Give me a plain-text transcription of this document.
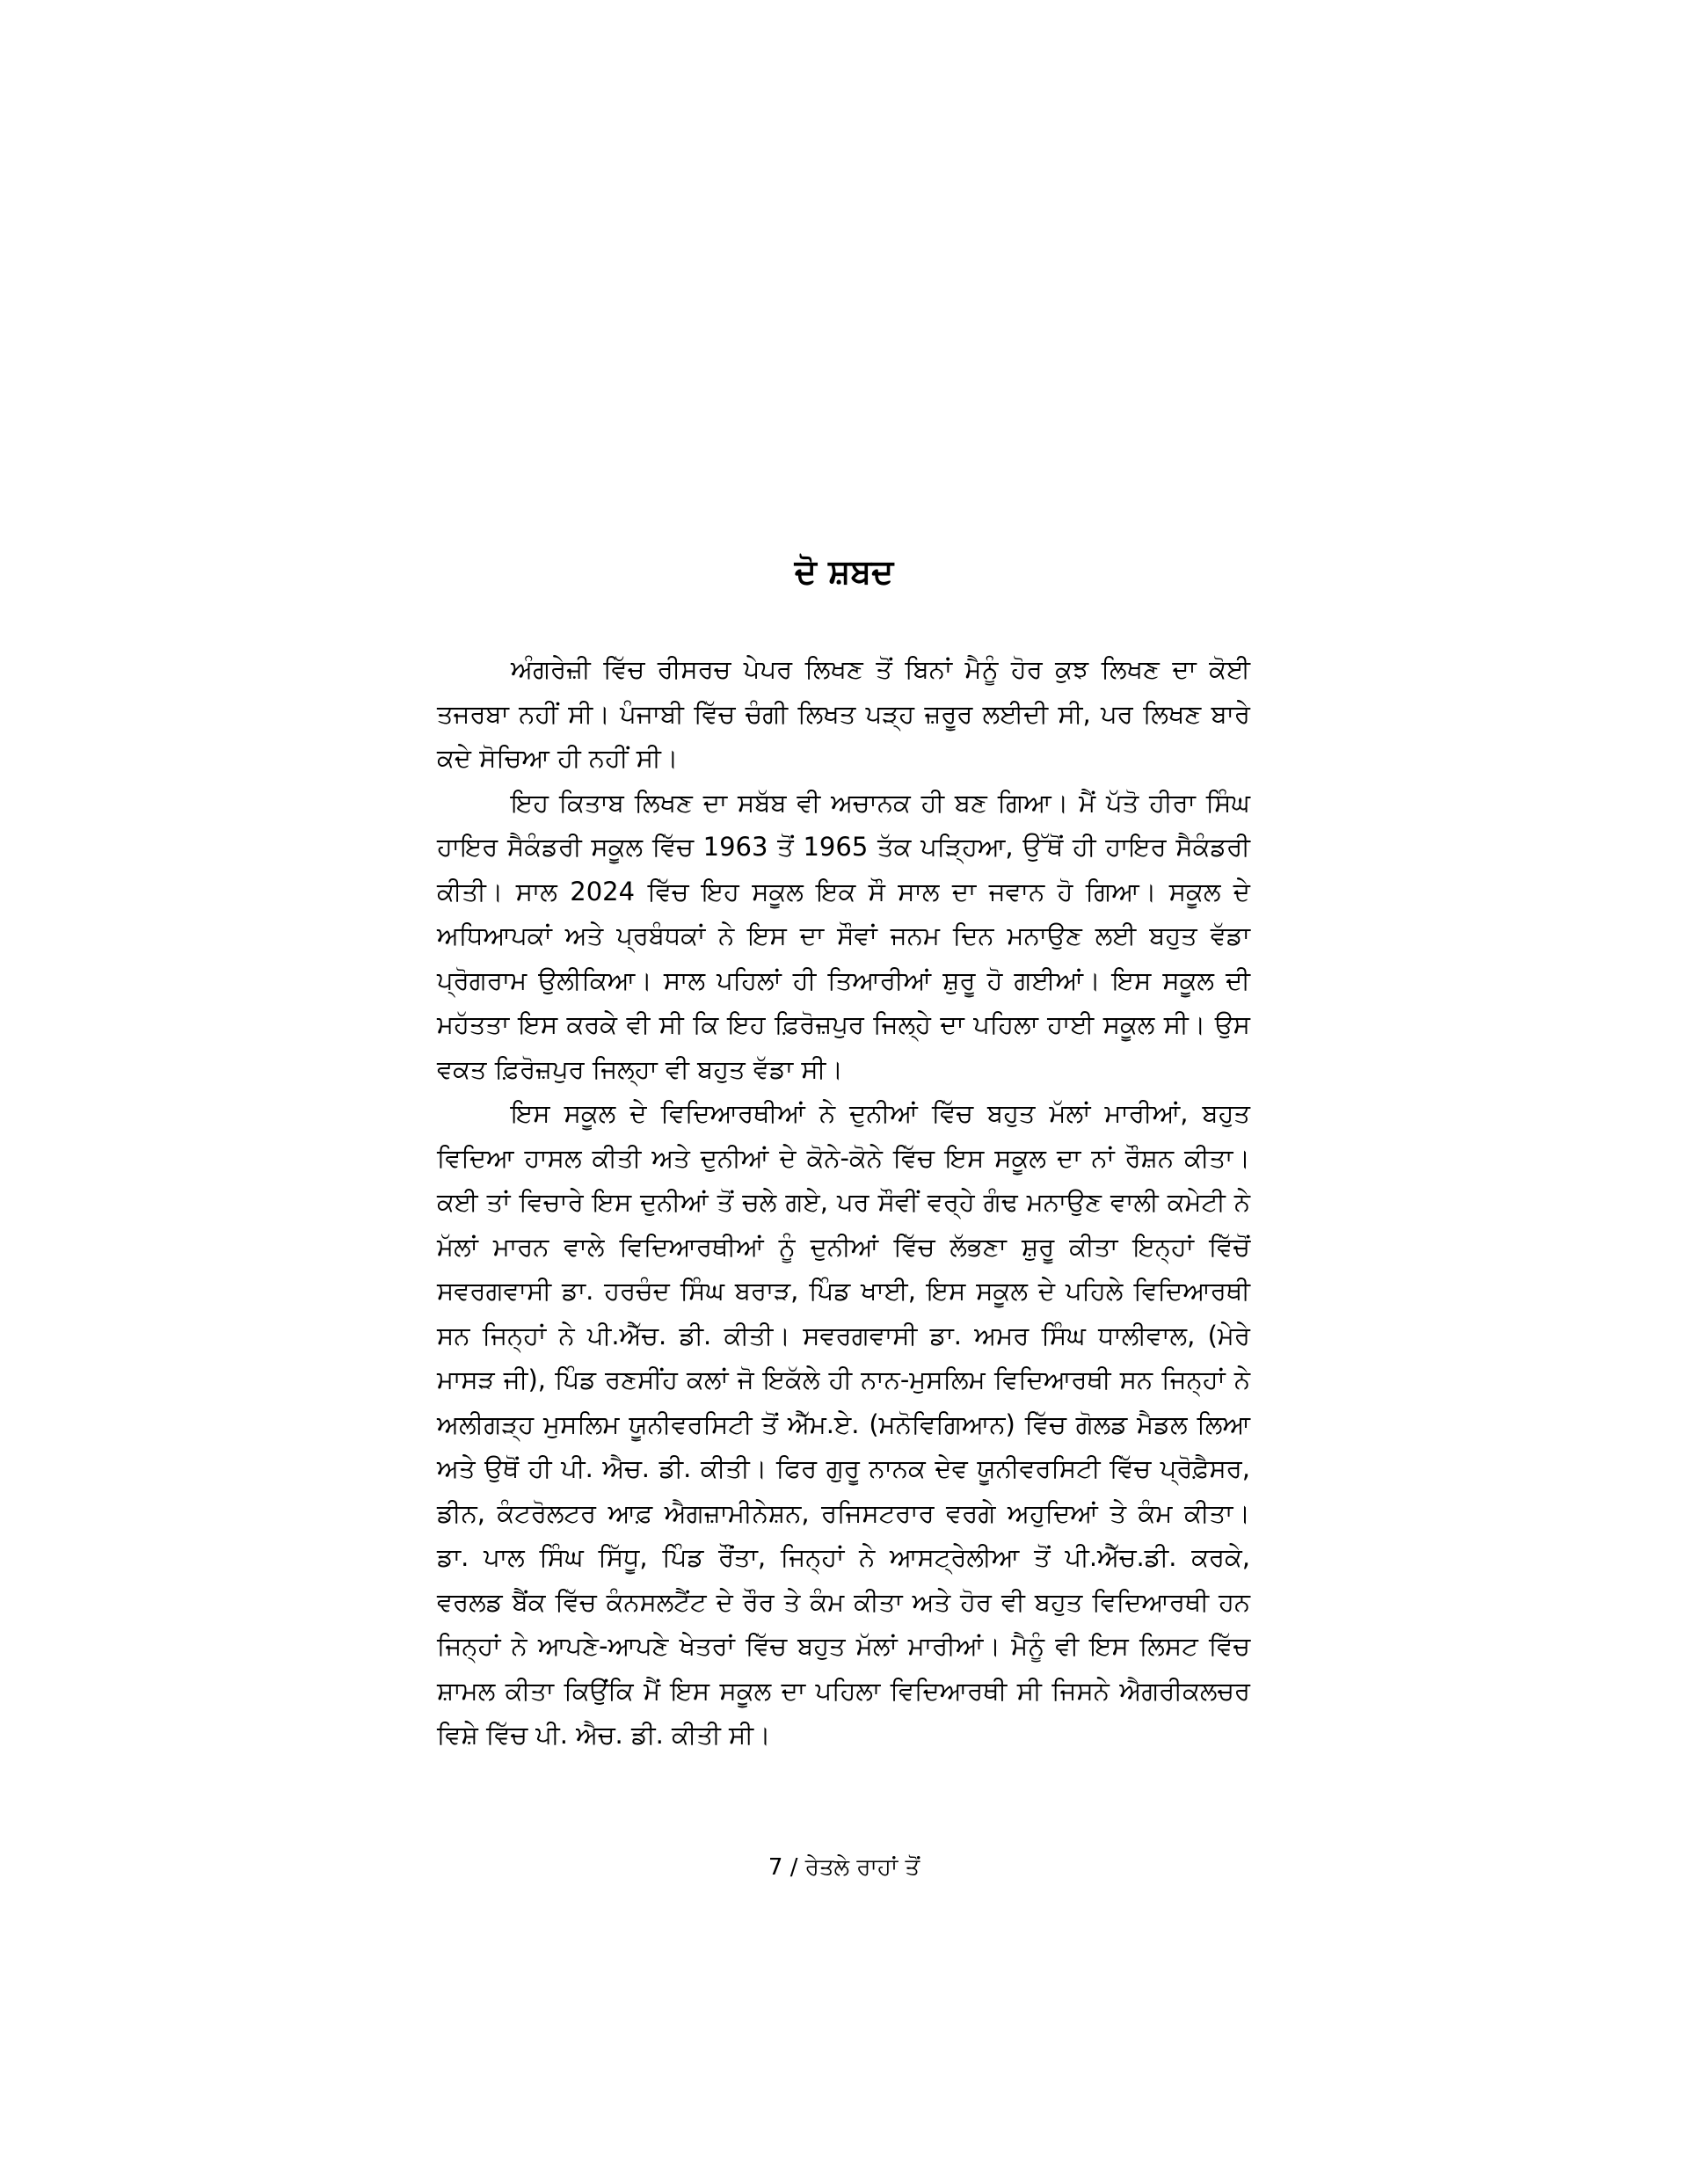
ਦੋ ਸ਼ਬਦ

ਅੰਗਰੇਜ਼ੀ ਵਿੱਚ ਰੀਸਰਚ ਪੇਪਰ ਲਿਖਣ ਤੋਂ ਬਿਨਾਂ ਮੈਨੂੰ ਹੋਰ ਕੁਝ ਲਿਖਣ ਦਾ ਕੋਈ ਤਜਰਬਾ ਨਹੀਂ ਸੀ। ਪੰਜਾਬੀ ਵਿੱਚ ਚੰਗੀ ਲਿਖਤ ਪੜ੍ਹ ਜ਼ਰੂਰ ਲਈਦੀ ਸੀ, ਪਰ ਲਿਖਣ ਬਾਰੇ ਕਦੇ ਸੋਚਿਆ ਹੀ ਨਹੀਂ ਸੀ।

ਇਹ ਕਿਤਾਬ ਲਿਖਣ ਦਾ ਸਬੱਬ ਵੀ ਅਚਾਨਕ ਹੀ ਬਣ ਗਿਆ। ਮੈਂ ਪੱਤੋ ਹੀਰਾ ਸਿੰਘ ਹਾਇਰ ਸੈਕੰਡਰੀ ਸਕੂਲ ਵਿੱਚ 1963 ਤੋਂ 1965 ਤੱਕ ਪੜ੍ਹਿਆ, ਉੱਥੋਂ ਹੀ ਹਾਇਰ ਸੈਕੰਡਰੀ ਕੀਤੀ। ਸਾਲ 2024 ਵਿੱਚ ਇਹ ਸਕੂਲ ਇਕ ਸੌ ਸਾਲ ਦਾ ਜਵਾਨ ਹੋ ਗਿਆ। ਸਕੂਲ ਦੇ ਅਧਿਆਪਕਾਂ ਅਤੇ ਪ੍ਰਬੰਧਕਾਂ ਨੇ ਇਸ ਦਾ ਸੌਵਾਂ ਜਨਮ ਦਿਨ ਮਨਾਉਣ ਲਈ ਬਹੁਤ ਵੱਡਾ ਪ੍ਰੋਗਰਾਮ ਉਲੀਕਿਆ। ਸਾਲ ਪਹਿਲਾਂ ਹੀ ਤਿਆਰੀਆਂ ਸ਼ੁਰੂ ਹੋ ਗਈਆਂ। ਇਸ ਸਕੂਲ ਦੀ ਮਹੱਤਤਾ ਇਸ ਕਰਕੇ ਵੀ ਸੀ ਕਿ ਇਹ ਫ਼ਿਰੋਜ਼ਪੁਰ ਜਿਲ੍ਹੇ ਦਾ ਪਹਿਲਾ ਹਾਈ ਸਕੂਲ ਸੀ। ਉਸ ਵਕਤ ਫ਼ਿਰੋਜ਼ਪੁਰ ਜਿਲ੍ਹਾ ਵੀ ਬਹੁਤ ਵੱਡਾ ਸੀ।

ਇਸ ਸਕੂਲ ਦੇ ਵਿਦਿਆਰਥੀਆਂ ਨੇ ਦੁਨੀਆਂ ਵਿੱਚ ਬਹੁਤ ਮੱਲਾਂ ਮਾਰੀਆਂ, ਬਹੁਤ ਵਿਦਿਆ ਹਾਸਲ ਕੀਤੀ ਅਤੇ ਦੁਨੀਆਂ ਦੇ ਕੋਨੇ-ਕੋਨੇ ਵਿੱਚ ਇਸ ਸਕੂਲ ਦਾ ਨਾਂ ਰੌਸ਼ਨ ਕੀਤਾ। ਕਈ ਤਾਂ ਵਿਚਾਰੇ ਇਸ ਦੁਨੀਆਂ ਤੋਂ ਚਲੇ ਗਏ, ਪਰ ਸੌਵੀਂ ਵਰ੍ਹੇ ਗੰਢ ਮਨਾਉਣ ਵਾਲੀ ਕਮੇਟੀ ਨੇ ਮੱਲਾਂ ਮਾਰਨ ਵਾਲੇ ਵਿਦਿਆਰਥੀਆਂ ਨੂੰ ਦੁਨੀਆਂ ਵਿੱਚ ਲੱਭਣਾ ਸ਼ੁਰੂ ਕੀਤਾ ਇਨ੍ਹਾਂ ਵਿੱਚੋਂ ਸਵਰਗਵਾਸੀ ਡਾ. ਹਰਚੰਦ ਸਿੰਘ ਬਰਾੜ, ਪਿੰਡ ਖਾਈ, ਇਸ ਸਕੂਲ ਦੇ ਪਹਿਲੇ ਵਿਦਿਆਰਥੀ ਸਨ ਜਿਨ੍ਹਾਂ ਨੇ ਪੀ.ਐੱਚ. ਡੀ. ਕੀਤੀ। ਸਵਰਗਵਾਸੀ ਡਾ. ਅਮਰ ਸਿੰਘ ਧਾਲੀਵਾਲ, (ਮੇਰੇ ਮਾਸੜ ਜੀ), ਪਿੰਡ ਰਣਸੀਂਹ ਕਲਾਂ ਜੋ ਇਕੱਲੇ ਹੀ ਨਾਨ-ਮੁਸਲਿਮ ਵਿਦਿਆਰਥੀ ਸਨ ਜਿਨ੍ਹਾਂ ਨੇ ਅਲੀਗੜ੍ਹ ਮੁਸਲਿਮ ਯੂਨੀਵਰਸਿਟੀ ਤੋਂ ਐੱਮ.ਏ. (ਮਨੋਵਿਗਿਆਨ) ਵਿੱਚ ਗੋਲਡ ਮੈਡਲ ਲਿਆ ਅਤੇ ਉਥੋਂ ਹੀ ਪੀ. ਐਚ. ਡੀ. ਕੀਤੀ। ਫਿਰ ਗੁਰੂ ਨਾਨਕ ਦੇਵ ਯੂਨੀਵਰਸਿਟੀ ਵਿੱਚ ਪ੍ਰੋਫ਼ੈਸਰ, ਡੀਨ, ਕੰਟਰੋਲਟਰ ਆਫ਼ ਐਗਜ਼ਾਮੀਨੇਸ਼ਨ, ਰਜਿਸਟਰਾਰ ਵਰਗੇ ਅਹੁਦਿਆਂ ਤੇ ਕੰਮ ਕੀਤਾ। ਡਾ. ਪਾਲ ਸਿੰਘ ਸਿੱਧੂ, ਪਿੰਡ ਰੌਂਤਾ, ਜਿਨ੍ਹਾਂ ਨੇ ਆਸਟ੍ਰੇਲੀਆ ਤੋਂ ਪੀ.ਐੱਚ.ਡੀ. ਕਰਕੇ, ਵਰਲਡ ਬੈਂਕ ਵਿੱਚ ਕੰਨਸਲਟੈਂਟ ਦੇ ਰੌਰ ਤੇ ਕੰਮ ਕੀਤਾ ਅਤੇ ਹੋਰ ਵੀ ਬਹੁਤ ਵਿਦਿਆਰਥੀ ਹਨ ਜਿਨ੍ਹਾਂ ਨੇ ਆਪਣੇ-ਆਪਣੇ ਖੇਤਰਾਂ ਵਿੱਚ ਬਹੁਤ ਮੱਲਾਂ ਮਾਰੀਆਂ। ਮੈਨੂੰ ਵੀ ਇਸ ਲਿਸਟ ਵਿੱਚ ਸ਼ਾਮਲ ਕੀਤਾ ਕਿਉਂਕਿ ਮੈਂ ਇਸ ਸਕੂਲ ਦਾ ਪਹਿਲਾ ਵਿਦਿਆਰਥੀ ਸੀ ਜਿਸਨੇ ਐਗਰੀਕਲਚਰ ਵਿਸ਼ੇ ਵਿੱਚ ਪੀ. ਐਚ. ਡੀ. ਕੀਤੀ ਸੀ।

7 / ਰੇਤਲੇ ਰਾਹਾਂ ਤੋਂ
